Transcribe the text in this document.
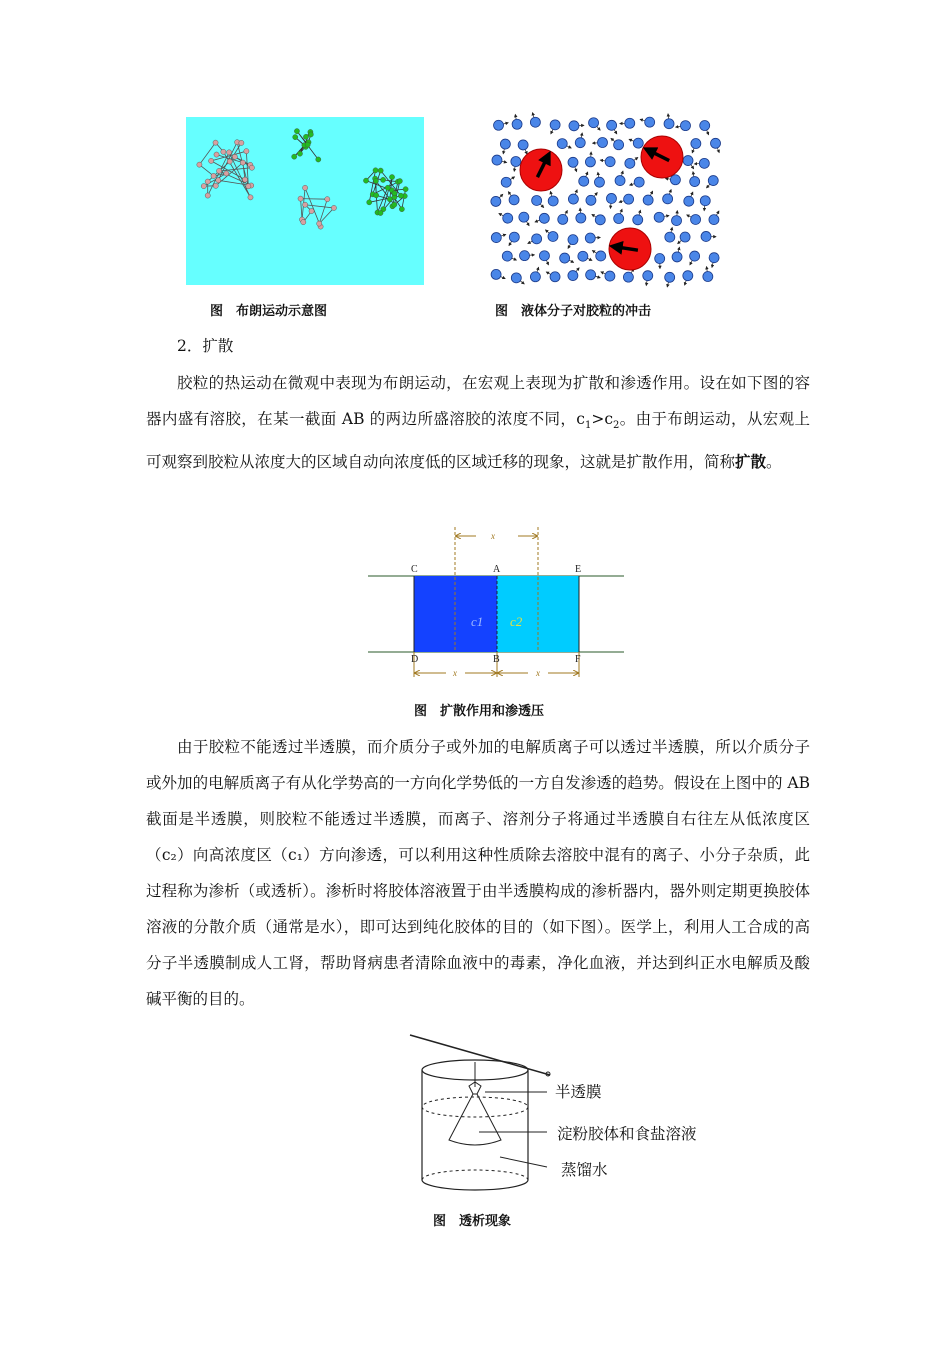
图　布朗运动示意图	图　液体分子对胶粒的冲击
2．扩散

胶粒的热运动在微观中表现为布朗运动，在宏观上表现为扩散和渗透作用。设在如下图的容器内盛有溶胶，在某一截面 AB 的两边所盛溶胶的浓度不同，$c_1>c_2$。由于布朗运动，从宏观上可观察到胶粒从浓度大的区域自动向浓度低的区域迁移的现象，这就是扩散作用，简称扩散。

x
x	x
C	A	E
D	B	F
c1 c2
图　扩散作用和渗透压

由于胶粒不能透过半透膜，而介质分子或外加的电解质离子可以透过半透膜，所以介质分子或外加的电解质离子有从化学势高的一方向化学势低的一方自发渗透的趋势。假设在上图中的 AB 截面是半透膜，则胶粒不能透过半透膜，而离子、溶剂分子将通过半透膜自右往左从低浓度区（c₂）向高浓度区（c₁）方向渗透，可以利用这种性质除去溶胶中混有的离子、小分子杂质，此过程称为渗析（或透析）。渗析时将胶体溶液置于由半透膜构成的渗析器内，器外则定期更换胶体溶液的分散介质（通常是水），即可达到纯化胶体的目的（如下图）。医学上，利用人工合成的高分子半透膜制成人工肾，帮助肾病患者清除血液中的毒素，净化血液，并达到纠正水电解质及酸碱平衡的目的。

半透膜
淀粉胶体和食盐溶液
蒸馏水
图　透析现象
